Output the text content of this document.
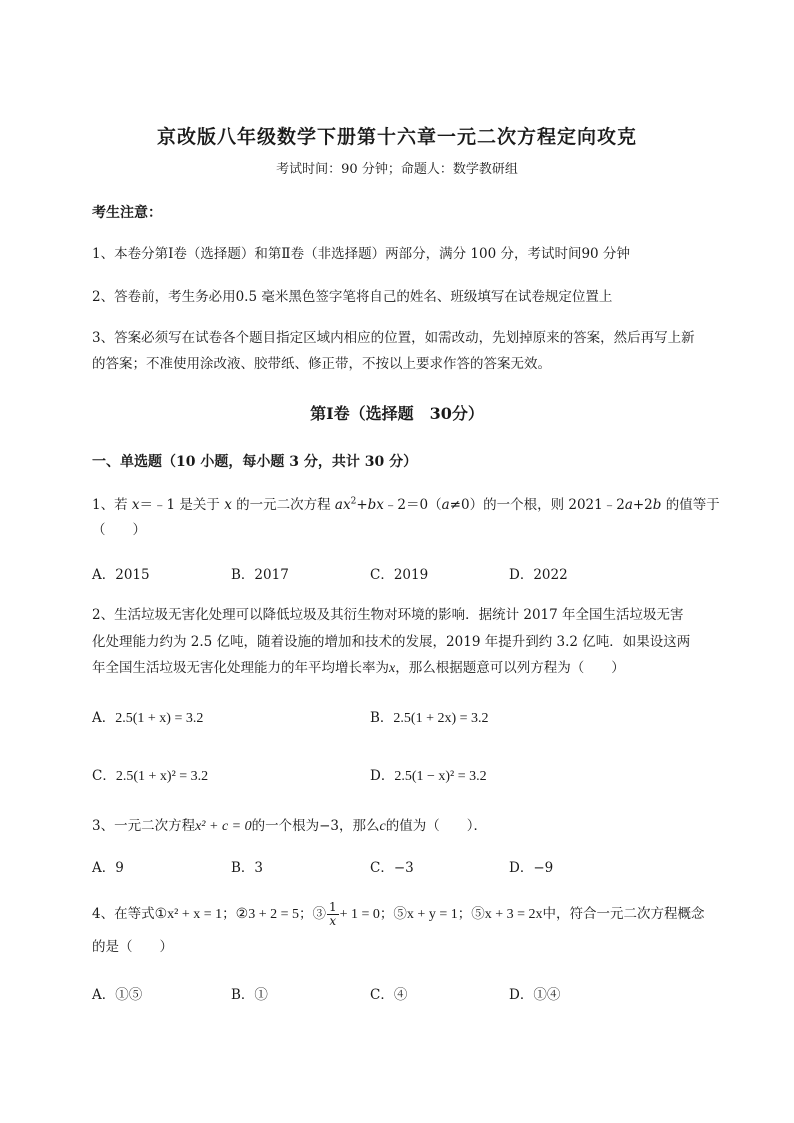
京改版八年级数学下册第十六章一元二次方程定向攻克
考试时间：90 分钟；命题人：数学教研组
考生注意：
1、本卷分第Ⅰ卷（选择题）和第Ⅱ卷（非选择题）两部分，满分 100 分，考试时间90 分钟
2、答卷前，考生务必用0.5 毫米黑色签字笔将自己的姓名、班级填写在试卷规定位置上
3、答案必须写在试卷各个题目指定区域内相应的位置，如需改动，先划掉原来的答案，然后再写上新
的答案；不准使用涂改液、胶带纸、修正带，不按以上要求作答的答案无效。
第Ⅰ卷（选择题　30分）
一、单选题（10 小题，每小题 3 分，共计 30 分）
1、若 x＝﹣1 是关于 x 的一元二次方程 $ax^2+bx﹣2=0(a\ne 0)$的一个根，则 2021﹣2a+2b 的值等于
（　　）
A．2015	B．2017	C．2019	D．2022
2、生活垃圾无害化处理可以降低垃圾及其衍生物对环境的影响．据统计 2017 年全国生活垃圾无害
化处理能力约为 2.5 亿吨，随着设施的增加和技术的发展，2019 年提升到约 3.2 亿吨．如果设这两
年全国生活垃圾无害化处理能力的年平均增长率为x，那么根据题意可以列方程为（　　）
A．2.5(1 + x) = 3.2	B．2.5(1 + 2x) = 3.2
C．2.5(1 + x)² = 3.2	D．2.5(1 − x)² = 3.2
3、一元二次方程x² + c = 0的一个根为−3，那么c的值为（　　）．
A．9	B．3	C．−3	D．−9
4、在等式①x² + x = 1；②3 + 2 = 5；③ $\frac{1}{x} + 1 = 0$；⑤x + y = 1；⑤x + 3 = 2x中，符合一元二次方程概念
的是（　　）
A．①⑤	B．①	C．④	D．①④
